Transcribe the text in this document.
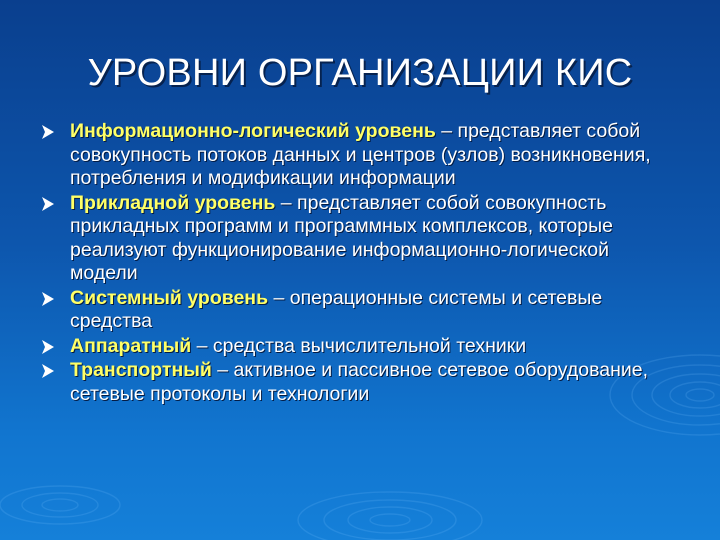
УРОВНИ ОРГАНИЗАЦИИ КИС
Информационно-логический уровень – представляет собой совокупность потоков данных и центров (узлов) возникновения, потребления и модификации информации
Прикладной уровень – представляет собой совокупность прикладных программ и программных комплексов, которые реализуют функционирование информационно-логической модели
Системный уровень – операционные системы и сетевые средства
Аппаратный – средства вычислительной техники
Транспортный – активное и пассивное сетевое оборудование, сетевые протоколы и технологии
